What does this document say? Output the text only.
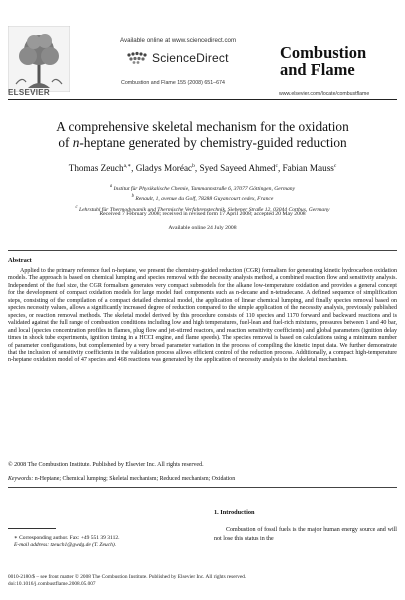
ELSEVIER
Available online at www.sciencedirect.com
ScienceDirect
Combustion and Flame 155 (2008) 651–674
Combustion
and Flame
www.elsevier.com/locate/combustflame
A comprehensive skeletal mechanism for the oxidation
of n-heptane generated by chemistry-guided reduction
Thomas Zeuch$^{a,∗}$, Gladys Moréac$^b$, Syed Sayeed Ahmed$^c$, Fabian Mauss$^c$
$^a$ Institut für Physikalische Chemie, Tammannstraße 6, 37077 Göttingen, Germany
$^b$ Renault, 1, avenue du Golf, 78288 Guyancourt cedex, France
$^c$ Lehrstuhl für Thermodynamik und Thermische Verfahrenstechnik, Siebener Straße 12, 03044 Cottbus, Germany
Received 7 February 2008; received in revised form 17 April 2008; accepted 20 May 2008
Available online 24 July 2008
Abstract
Applied to the primary reference fuel n-heptane, we present the chemistry-guided reduction (CGR) formalism for generating kinetic hydrocarbon oxidation models. The approach is based on chemical lumping and species removal with the necessity analysis method, a combined reaction flow and sensitivity analysis. Independent of the fuel size, the CGR formalism generates very compact submodels for the alkane low-temperature oxidation and provides a general concept for the development of compact oxidation models for large model fuel components such as n-decane and n-tetradecane. A defined sequence of simplification steps, consisting of the compilation of a compact detailed chemical model, the application of linear chemical lumping, and finally species removal based on species necessity values, allows a significantly increased degree of reduction compared to the simple application of the necessity analysis, previously published species, or reaction removal methods. The skeletal model derived by this procedure consists of 110 species and 1170 forward and backward reactions and is validated against the full range of combustion conditions including low and high temperatures, fuel-lean and fuel-rich mixtures, pressures between 1 and 40 bar, and local (species concentration profiles in flames, plug flow and jet-stirred reactors, and reaction sensitivity coefficients) and global parameters (ignition delay times in shock tube experiments, ignition timing in a HCCI engine, and flame speeds). The species removal is based on calculations using a minimum number of parameter configurations, but complemented by a very broad parameter variation in the process of compiling the kinetic input data. We further demonstrate that the inclusion of sensitivity coefficients in the validation process allows efficient control of the reduction process. Additionally, a compact high-temperature n-heptane oxidation model of 47 species and 468 reactions was generated by the application of necessity analysis to the skeletal mechanism.
© 2008 The Combustion Institute. Published by Elsevier Inc. All rights reserved.
Keywords: n-Heptane; Chemical lumping; Skeletal mechanism; Reduced mechanism; Oxidation
1. Introduction
Combustion of fossil fuels is the major human energy source and will not lose this status in the
∗ Corresponding author. Fax: +49 551 39 3112.
E-mail address: tzeuch1@gwdg.de (T. Zeuch).
0010-2180/$ – see front matter © 2008 The Combustion Institute. Published by Elsevier Inc. All rights reserved.
doi:10.1016/j.combustflame.2008.05.007
